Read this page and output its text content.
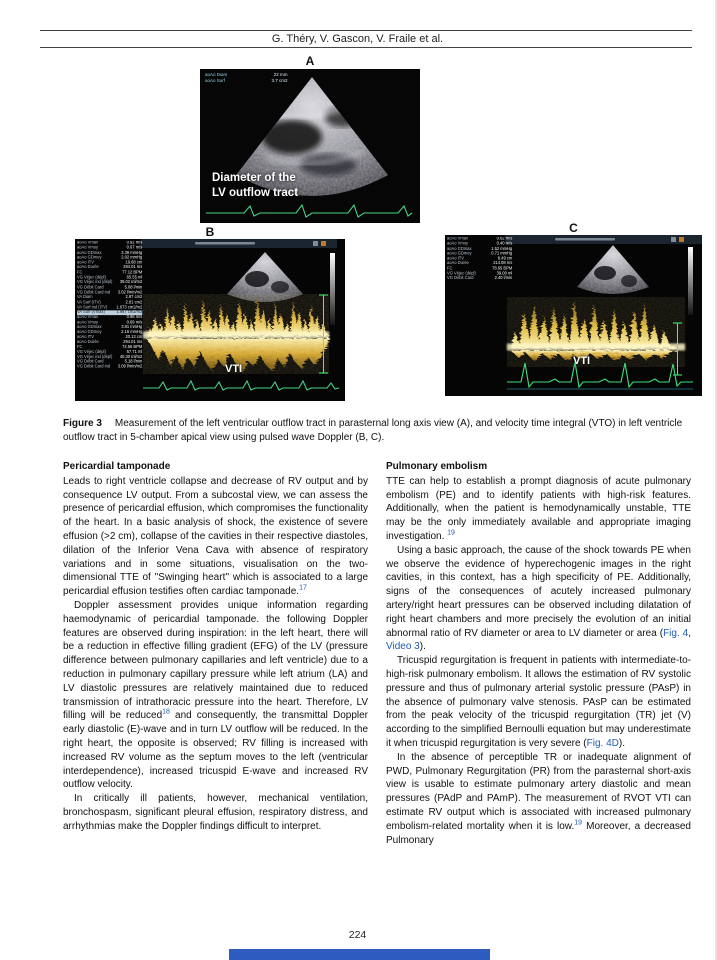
G. Théry, V. Gascon, V. Fraile et al.
A
aoAo Diam	22 mm
aoAo Surf	3.7 cm2
Diameter of the
LV outflow tract
B
aoAo Vmax	0.92 m/s
aoAo Vmoy	0.67 m/s
aoAo GDmax	3.39 mmHg
aoAo GDmoy	2.02 mmHg
aoAo ITV	19.68 cm
aoAo Durée	294.01 ms
FC	77.12 BPM
VG Véjec (dépl)	65.55 ml
VG Véjec ind (dépl) 39.02 ml/m2
VG Débit Card	5.08 l/min
VG Débit Card ind 3.02 l/min/m2
VA Diam	2.87 cm2
VA Surf (ITV)	2.81 cm2
VA Surf ind (ITV) 1.673 cm2/m2
VA Surf (Vmax) 1.987 cm2/m2
aoAo Vmax	0.98 m/s
aoAo Vmoy	0.69 m/s
aoAo GDmax	3.81 mmHg
aoAo GDmoy	2.16 mmHg
aoAo ITV	20.13 cm
aoAo Durée	294.01 ms
FC	74.56 BPM
VG Véjec (dépl)	67.71 ml
VG Véjec ind (dépl) 40.30 ml/m2
VG Débit Card	5.18 l/min
VG Débit Card ind 3.09 l/min/m2	VTI
C
aoAo Vmax	0.62 m/s
aoAo Vmoy	0.40 m/s
aoAo GDmax	1.52 mmHg
aoAo GDmoy	0.71 mmHg
aoAo ITV	8.49 cm
aoAo Durée	214.08 ms
FC	78.65 BPM
VG Véjec (dépl)	39.00 ml
VG Débit Card	2.40 l/min
VTI

Figure 3 Measurement of the left ventricular outflow tract in parasternal long axis view (A), and velocity time integral (VTO) in left ventricle outflow tract in 5-chamber apical view using pulsed wave Doppler (B, C).

Pericardial tamponade

Leads to right ventricle collapse and decrease of RV output and by consequence LV output. From a subcostal view, we can assess the presence of pericardial effusion, which compromises the functionality of the heart. In a basic analysis of shock, the existence of severe effusion (>2 cm), collapse of the cavities in their respective diastoles, dilation of the Inferior Vena Cava with absence of respiratory variations and in some situations, visualisation on the two-dimensional TTE of ''Swinging heart'' which is associated to a large pericardial effusion testifies often cardiac tamponade.$^{17}$

Doppler assessment provides unique information regarding haemodynamic of pericardial tamponade. the following Doppler features are observed during inspiration: in the left heart, there will be a reduction in effective filling gradient (EFG) of the LV (pressure difference between pulmonary capillaries and left ventricle) due to a reduction in pulmonary capillary pressure while left atrium (LA) and LV diastolic pressures are relatively maintained due to reduced transmission of intrathoracic pressure into the heart. Therefore, LV filling will be reduced$^{18}$ and consequently, the transmittal Doppler early diastolic (E)-wave and in turn LV outflow will be reduced. In the right heart, the opposite is observed; RV filling is increased with increased RV volume as the septum moves to the left (ventricular interdependence), increased tricuspid E-wave and increased RV outflow velocity.

In critically ill patients, however, mechanical ventilation, bronchospasm, significant pleural effusion, respiratory distress, and arrhythmias make the Doppler findings difficult to interpret.

Pulmonary embolism

TTE can help to establish a prompt diagnosis of acute pulmonary embolism (PE) and to identify patients with high-risk features. Additionally, when the patient is hemodynamically unstable, TTE may be the only immediately available and appropriate imaging investigation. $^{19}$

Using a basic approach, the cause of the shock towards PE when we observe the evidence of hyperechogenic images in the right cavities, in this context, has a high specificity of PE. Additionally, signs of the consequences of acutely increased pulmonary artery/right heart pressures can be observed including dilatation of right heart chambers and more precisely the evolution of an initial abnormal ratio of RV diameter or area to LV diameter or area (Fig. 4, Video 3).

Tricuspid regurgitation is frequent in patients with intermediate-to-high-risk pulmonary embolism. It allows the estimation of RV systolic pressure and thus of pulmonary arterial systolic pressure (PAsP) in the absence of pulmonary valve stenosis. PAsP can be estimated from the peak velocity of the tricuspid regurgitation (TR) jet (V) according to the simplified Bernoulli equation but may underestimate it when tricuspid regurgitation is very severe (Fig. 4D).

In the absence of perceptible TR or inadequate alignment of PWD, Pulmonary Regurgitation (PR) from the parasternal short-axis view is usable to estimate pulmonary artery diastolic and mean pressures (PAdP and PAmP). The measurement of RVOT VTI can estimate RV output which is associated with increased pulmonary embolism-related mortality when it is low.$^{19}$ Moreover, a decreased Pulmonary

224
